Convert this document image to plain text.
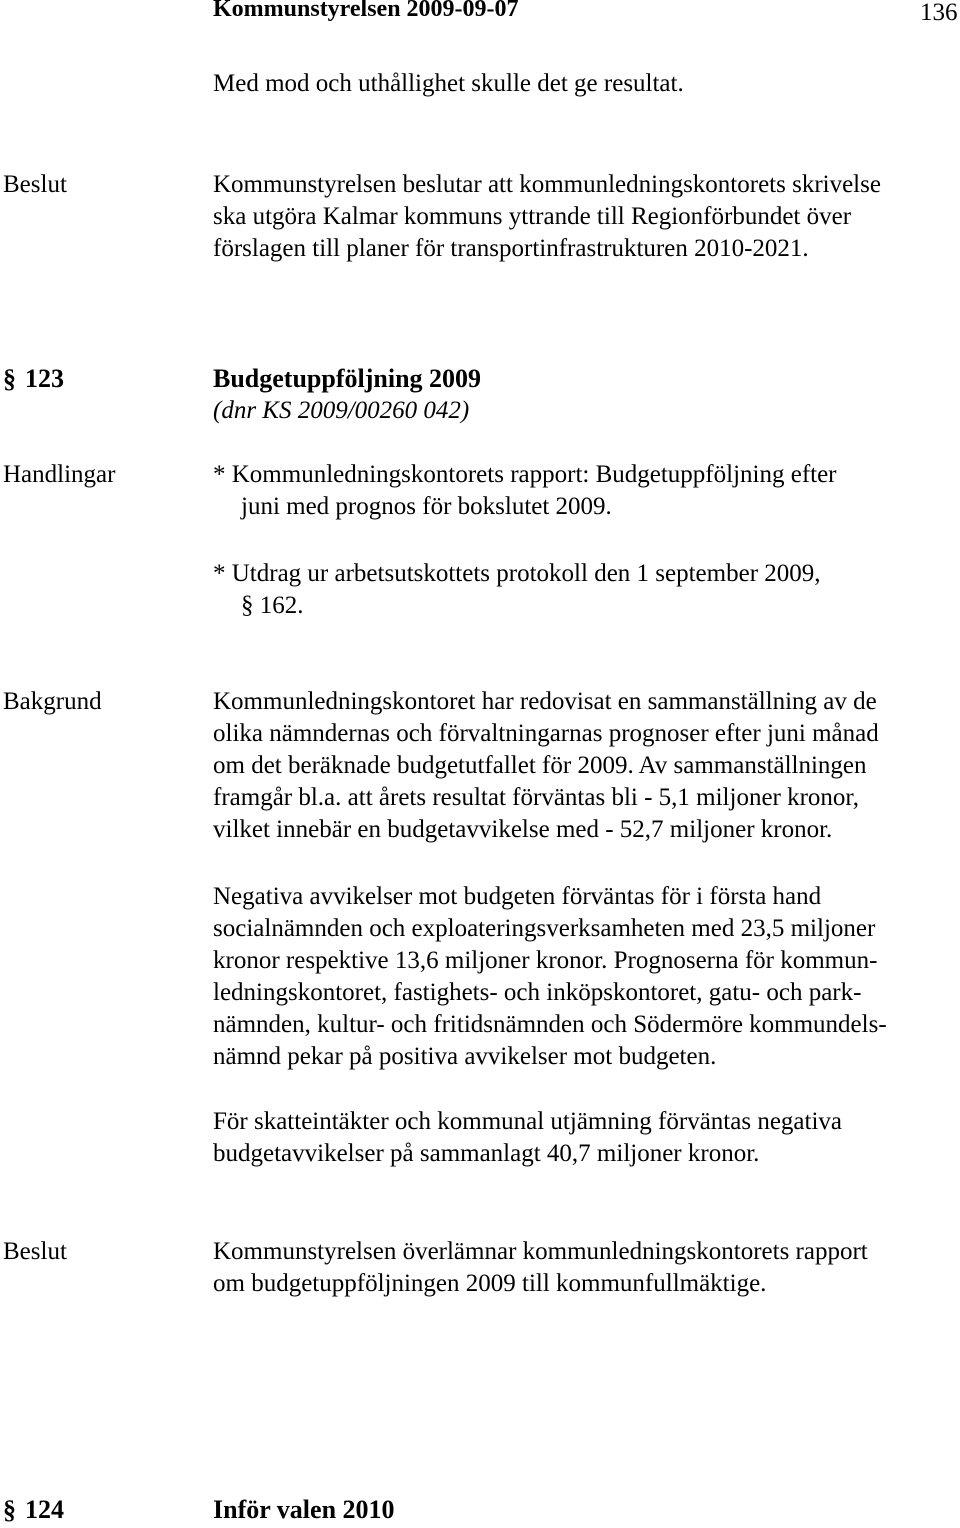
Kommunstyrelsen 2009-09-07	136
Med mod och uthållighet skulle det ge resultat.
Beslut	Kommunstyrelsen beslutar att kommunledningskontorets skrivelse
ska utgöra Kalmar kommuns yttrande till Regionförbundet över
förslagen till planer för transportinfrastrukturen 2010-2021.
§ 123	Budgetuppföljning 2009
(dnr KS 2009/00260 042)
Handlingar	* Kommunledningskontorets rapport: Budgetuppföljning efter
juni med prognos för bokslutet 2009.
* Utdrag ur arbetsutskottets protokoll den 1 september 2009,
§ 162.
Bakgrund	Kommunledningskontoret har redovisat en sammanställning av de
olika nämndernas och förvaltningarnas prognoser efter juni månad
om det beräknade budgetutfallet för 2009. Av sammanställningen
framgår bl.a. att årets resultat förväntas bli - 5,1 miljoner kronor,
vilket innebär en budgetavvikelse med - 52,7 miljoner kronor.
Negativa avvikelser mot budgeten förväntas för i första hand
socialnämnden och exploateringsverksamheten med 23,5 miljoner
kronor respektive 13,6 miljoner kronor. Prognoserna för kommun-
ledningskontoret, fastighets- och inköpskontoret, gatu- och park-
nämnden, kultur- och fritidsnämnden och Södermöre kommundels-
nämnd pekar på positiva avvikelser mot budgeten.
För skatteintäkter och kommunal utjämning förväntas negativa
budgetavvikelser på sammanlagt 40,7 miljoner kronor.
Beslut	Kommunstyrelsen överlämnar kommunledningskontorets rapport
om budgetuppföljningen 2009 till kommunfullmäktige.
§ 124	Inför valen 2010
